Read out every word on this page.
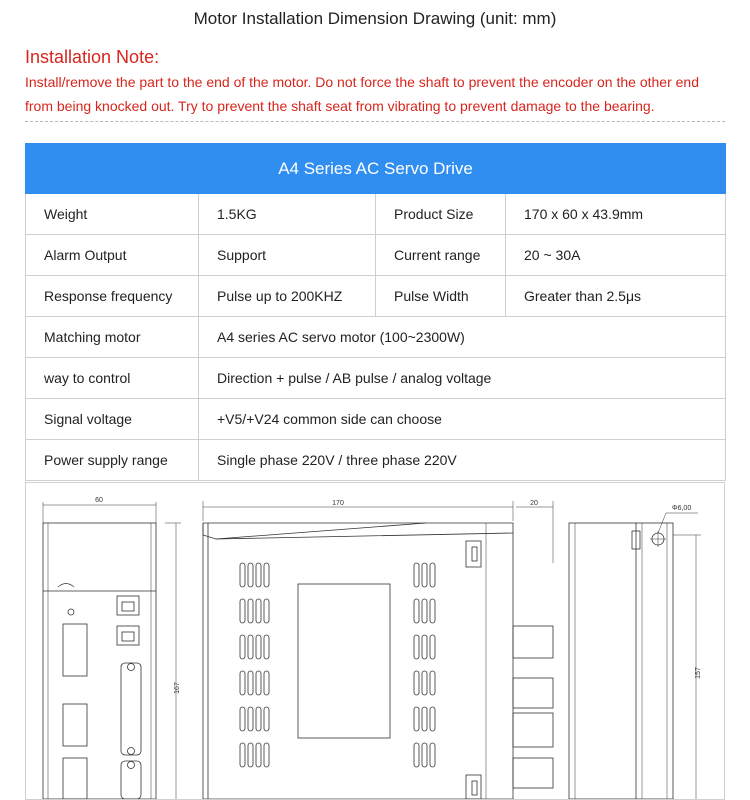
Motor Installation Dimension Drawing (unit: mm)
Installation Note:
Install/remove the part to the end of the motor. Do not force the shaft to prevent the encoder on the other end from being knocked out. Try to prevent the shaft seat from vibrating to prevent damage to the bearing.
A4 Series AC Servo Drive			
Weight	1.5KG	Product Size	170 x 60 x 43.9mm
Alarm Output	Support	Current range	20 ~ 30A
Response frequency	Pulse up to 200KHZ	Pulse Width	Greater than 2.5μs
Matching motor	A4 series AC servo motor (100~2300W)		
way to control	Direction + pulse / AB pulse / analog voltage		
Signal voltage	+V5/+V24 common side can choose		
Power supply range	Single phase 220V / three phase 220V		
60	170	20
Φ6,00
167
157
